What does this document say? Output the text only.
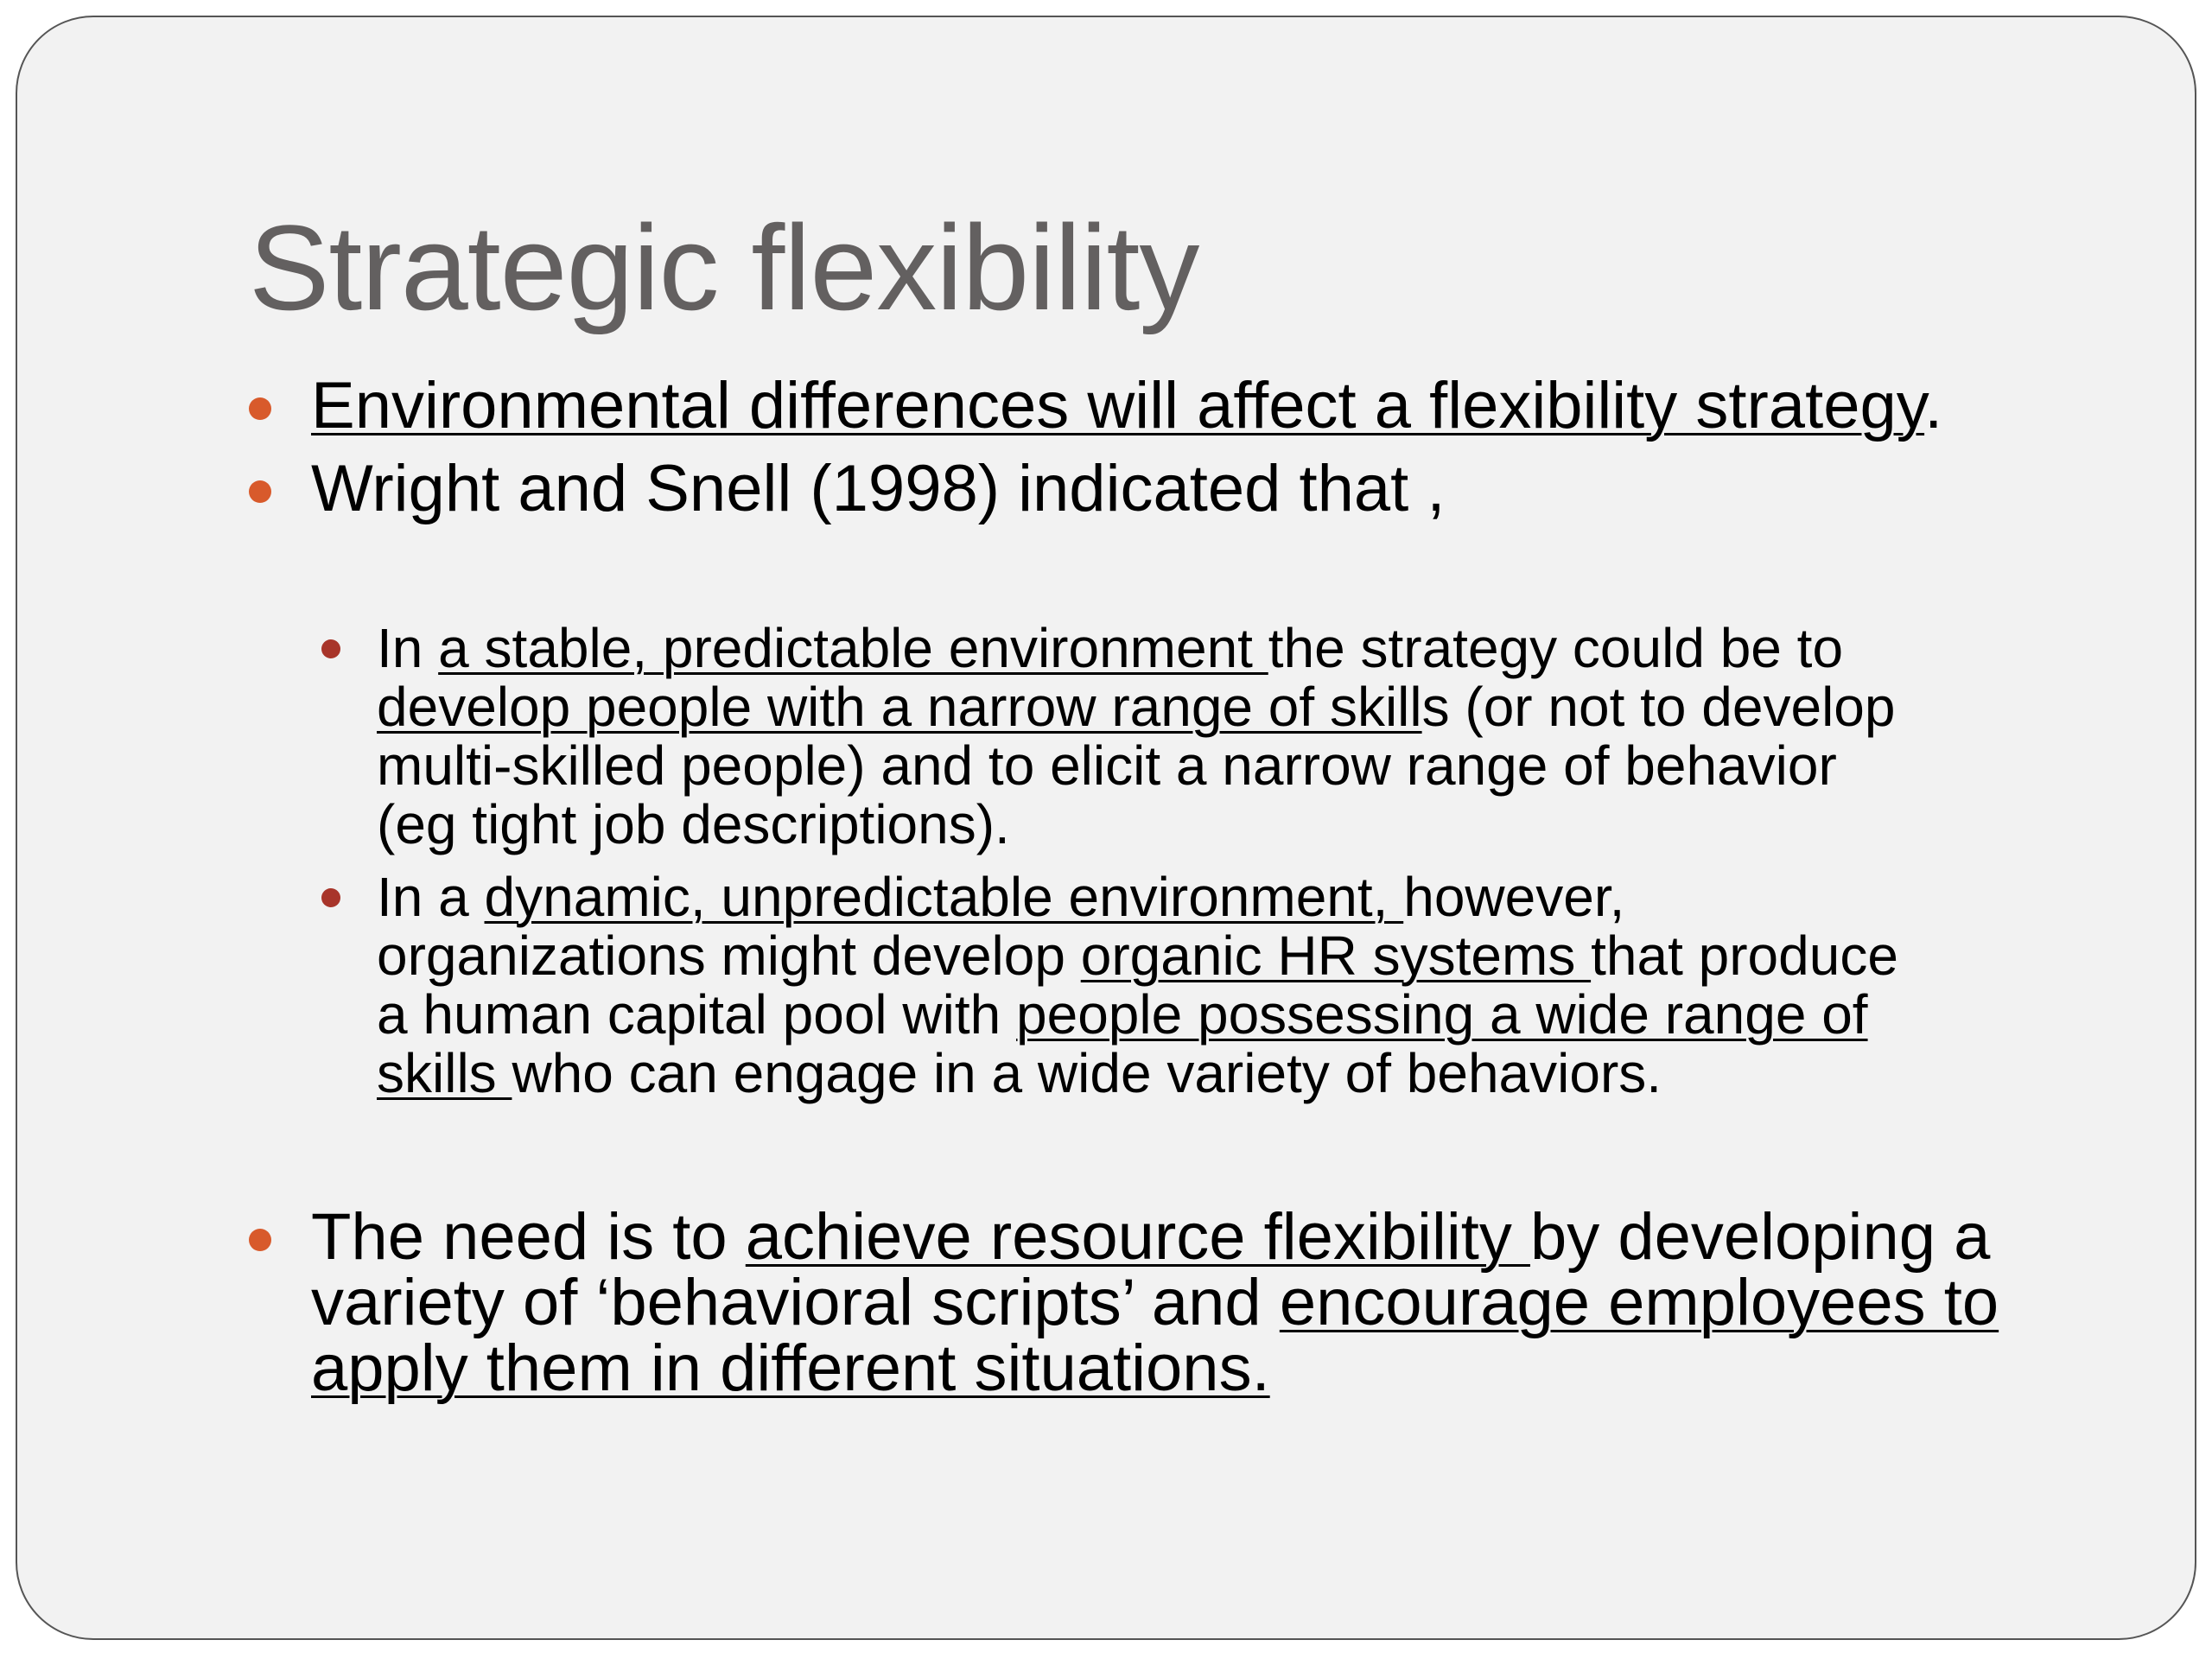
Strategic flexibility
Environmental differences will affect a flexibility strategy.
Wright and Snell (1998) indicated that ,
In a stable, predictable environment the strategy could be to
develop people with a narrow range of skills (or not to develop
multi-skilled people) and to elicit a narrow range of behavior
(eg tight job descriptions).
In a dynamic, unpredictable environment, however,
organizations might develop organic HR systems that produce
a human capital pool with people possessing a wide range of
skills who can engage in a wide variety of behaviors.
The need is to achieve resource flexibility by developing a
variety of ‘behavioral scripts’ and encourage employees to
apply them in different situations.
